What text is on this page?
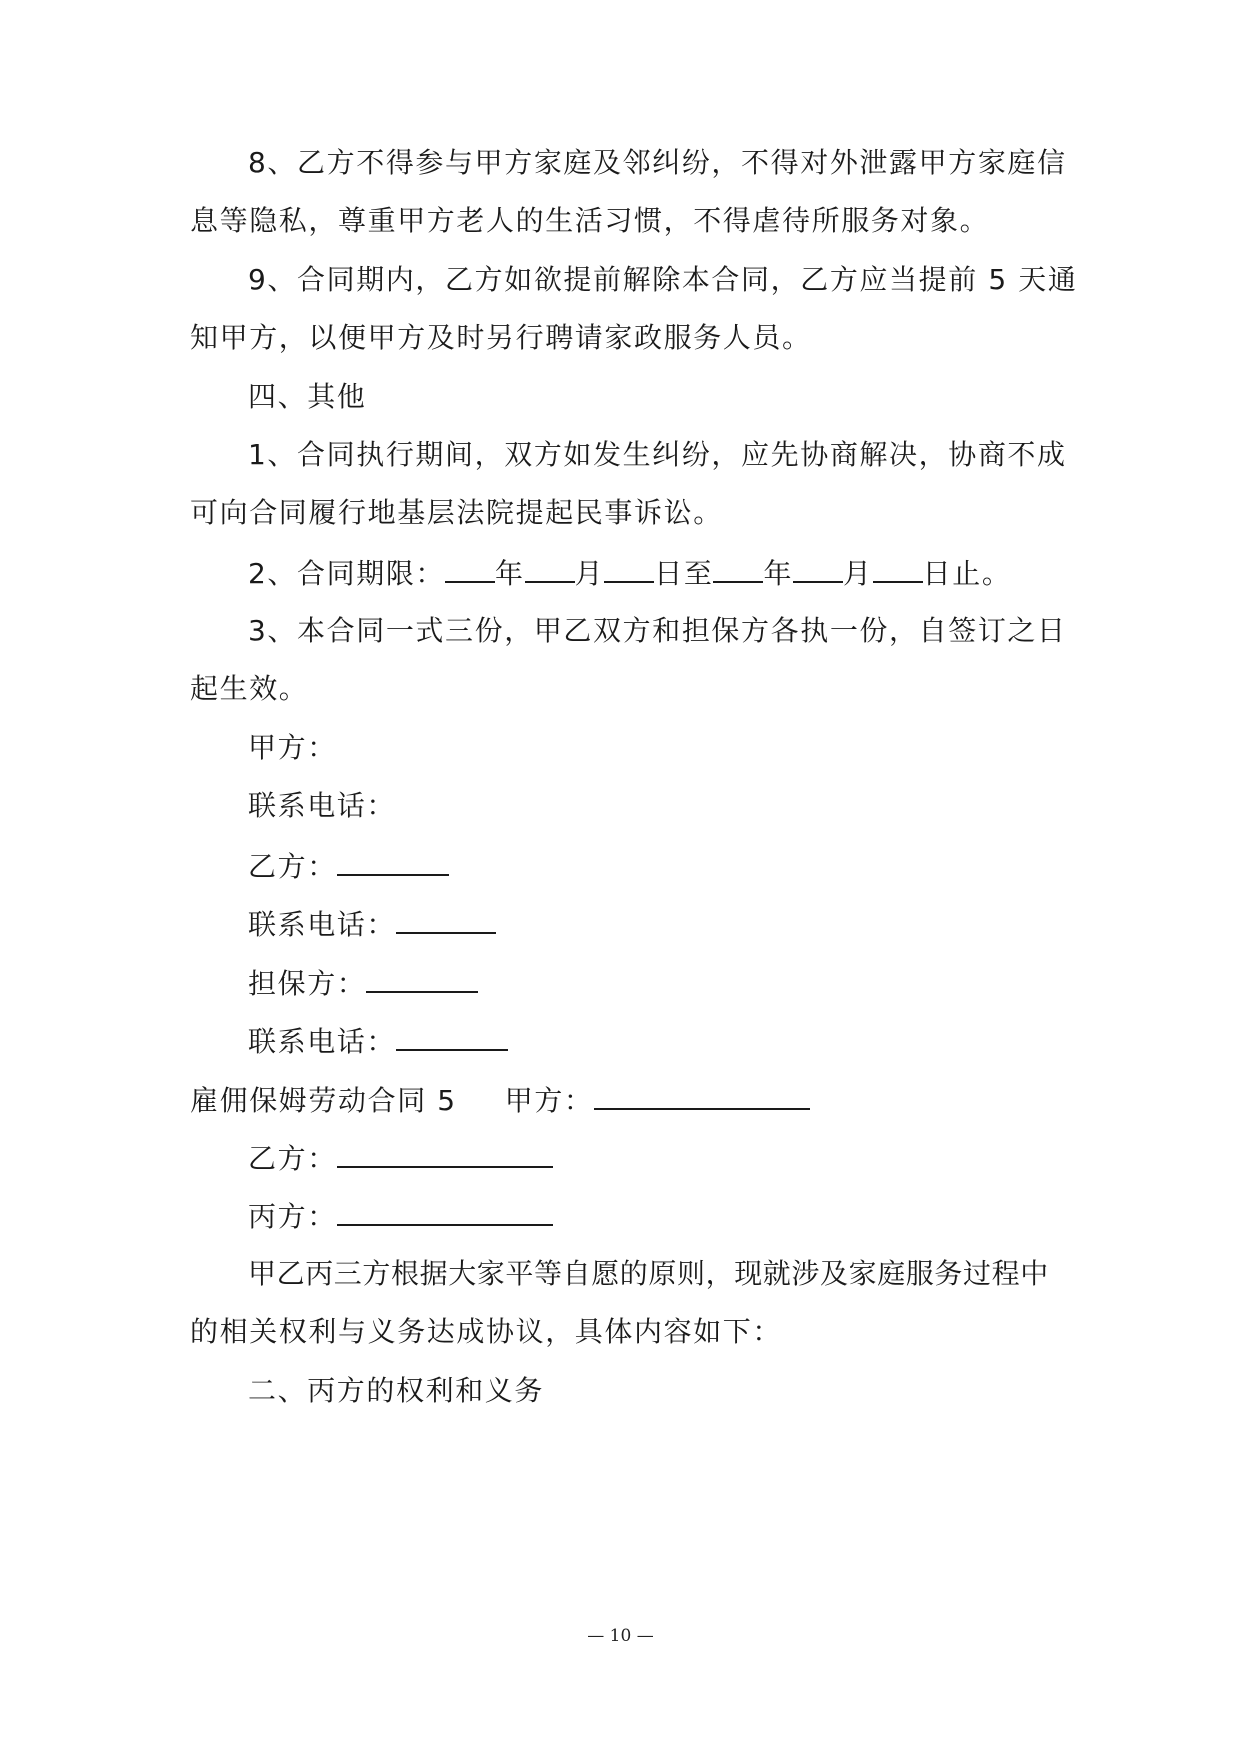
8、乙方不得参与甲方家庭及邻纠纷，不得对外泄露甲方家庭信
息等隐私，尊重甲方老人的生活习惯，不得虐待所服务对象。
9、合同期内，乙方如欲提前解除本合同，乙方应当提前 5 天通
知甲方，以便甲方及时另行聘请家政服务人员。
四、其他
1、合同执行期间，双方如发生纠纷，应先协商解决，协商不成
可向合同履行地基层法院提起民事诉讼。
2、合同期限： 年 月 日至 年 月 日止。
3、本合同一式三份，甲乙双方和担保方各执一份，自签订之日
起生效。
甲方：
联系电话：
乙方：
联系电话：
担保方：
联系电话：
雇佣保姆劳动合同 5 甲方：
乙方：
丙方：
甲乙丙三方根据大家平等自愿的原则，现就涉及家庭服务过程中
的相关权利与义务达成协议，具体内容如下：
二、丙方的权利和义务
— 10 —
